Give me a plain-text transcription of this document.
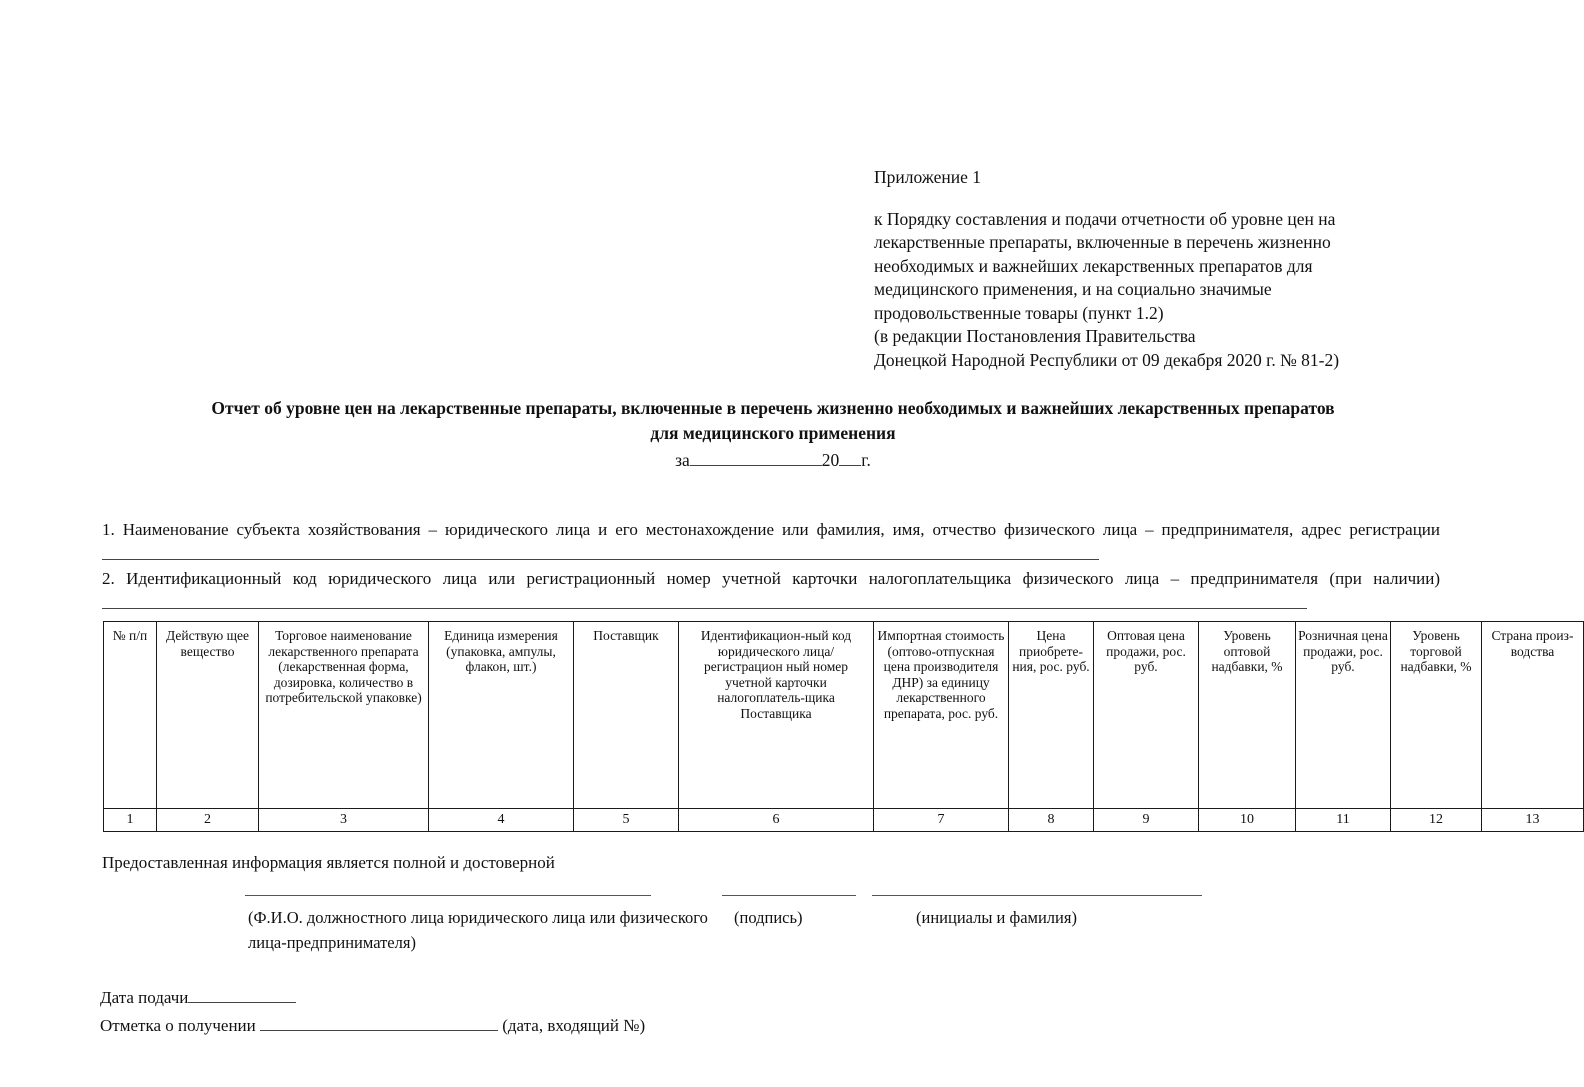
Приложение 1

к Порядку составления и подачи отчетности об уровне цен на

лекарственные препараты, включенные в перечень жизненно

необходимых и важнейших лекарственных препаратов для

медицинского применения, и на социально значимые

продовольственные товары (пункт 1.2)

(в редакции Постановления Правительства

Донецкой Народной Республики от 09 декабря 2020 г. № 81-2)

Отчет об уровне цен на лекарственные препараты, включенные в перечень жизненно необходимых и важнейших лекарственных препаратов
для медицинского применения
за	20 г.

1. Наименование субъекта хозяйствования – юридического лица и его местонахождение или фамилия, имя, отчество физического лица – предпринимателя, адрес регистрации

2. Идентификационный код юридического лица или регистрационный номер учетной карточки налогоплательщика физического лица – предпринимателя (при наличии)

№ п/п	Действую щее вещество	Торговое наименование лекарственного препарата (лекарственная форма, дозировка, количество в потребительской упаковке)	Единица измерения (упаковка, ампулы, флакон, шт.)	Поставщик	Идентификацион-ный код юридического лица/регистрацион ный номер учетной карточки налогоплатель-щика Поставщика	Импортная стоимость (оптово-отпускная цена производителя ДНР) за единицу лекарственного препарата, рос. руб.	Цена приобрете-ния, рос. руб.	Оптовая цена продажи, рос. руб.	Уровень оптовой надбавки, %	Розничная цена продажи, рос. руб.	Уровень торговой надбавки, %	Страна произ-водства
1	2	3	4	5	6	7	8	9	10	11	12	13
Предоставленная информация является полной и достоверной
(Ф.И.О. должностного лица юридического лица или физического лица-предпринимателя)
(подпись)	(инициалы и фамилия)
Дата подачи
Отметка о получении	(дата, входящий №)
